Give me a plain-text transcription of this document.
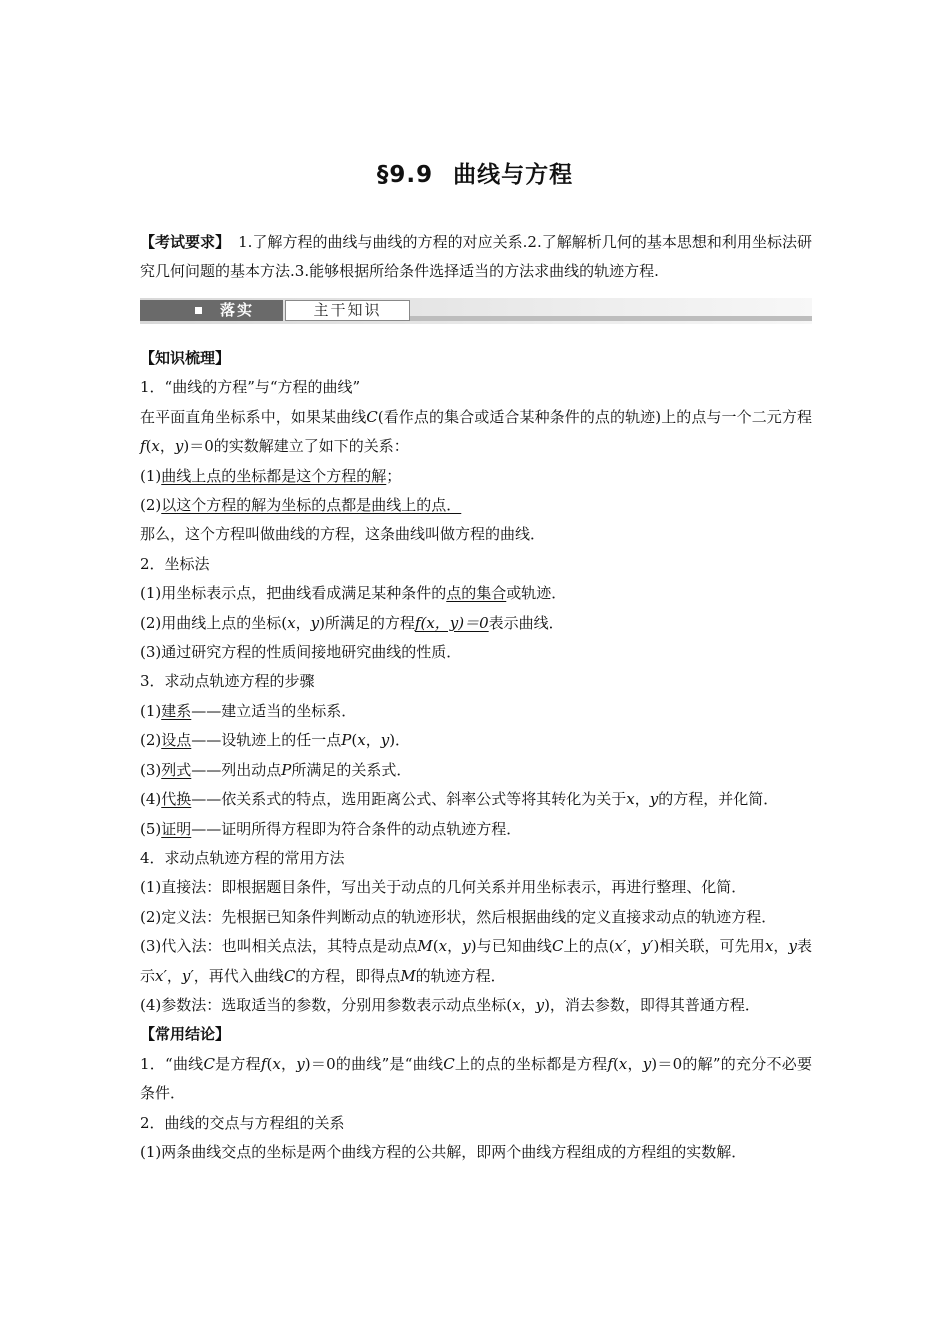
§9.9 曲线与方程
【考试要求】 1.了解方程的曲线与曲线的方程的对应关系.2.了解解析几何的基本思想和利用坐标法研究几何问题的基本方法.3.能够根据所给条件选择适当的方法求曲线的轨迹方程.
落实	主干知识

【知识梳理】

1．“曲线的方程”与“方程的曲线”

在平面直角坐标系中，如果某曲线C(看作点的集合或适合某种条件的点的轨迹)上的点与一个二元方程f(x，y)＝0的实数解建立了如下的关系：

(1)曲线上点的坐标都是这个方程的解；

(2)以这个方程的解为坐标的点都是曲线上的点．

那么，这个方程叫做曲线的方程，这条曲线叫做方程的曲线．

2．坐标法

(1)用坐标表示点，把曲线看成满足某种条件的点的集合或轨迹．

(2)用曲线上点的坐标(x，y)所满足的方程f(x，y)＝0表示曲线．

(3)通过研究方程的性质间接地研究曲线的性质．

3．求动点轨迹方程的步骤

(1)建系——建立适当的坐标系．

(2)设点——设轨迹上的任一点P(x，y)．

(3)列式——列出动点P所满足的关系式．

(4)代换——依关系式的特点，选用距离公式、斜率公式等将其转化为关于x，y的方程，并化简．

(5)证明——证明所得方程即为符合条件的动点轨迹方程．

4．求动点轨迹方程的常用方法

(1)直接法：即根据题目条件，写出关于动点的几何关系并用坐标表示，再进行整理、化简．

(2)定义法：先根据已知条件判断动点的轨迹形状，然后根据曲线的定义直接求动点的轨迹方程．

(3)代入法：也叫相关点法，其特点是动点M(x，y)与已知曲线C上的点(x′，y′)相关联，可先用x，y表示x′，y′，再代入曲线C的方程，即得点M的轨迹方程．

(4)参数法：选取适当的参数，分别用参数表示动点坐标(x，y)，消去参数，即得其普通方程．

【常用结论】

1．“曲线C是方程f(x，y)＝0的曲线”是“曲线C上的点的坐标都是方程f(x，y)＝0的解”的充分不必要条件．

2．曲线的交点与方程组的关系

(1)两条曲线交点的坐标是两个曲线方程的公共解，即两个曲线方程组成的方程组的实数解．
